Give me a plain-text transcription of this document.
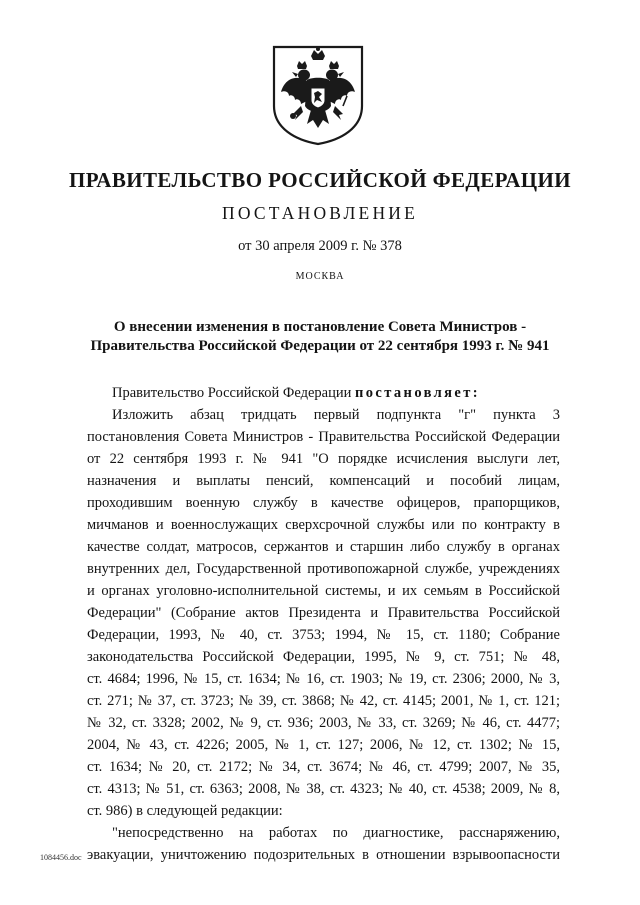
ПРАВИТЕЛЬСТВО РОССИЙСКОЙ ФЕДЕРАЦИИ
ПОСТАНОВЛЕНИЕ
от 30 апреля 2009 г. № 378
МОСКВА
О внесении изменения в постановление Совета Министров -
Правительства Российской Федерации от 22 сентября 1993 г. № 941
Правительство Российской Федерации постановляет:
Изложить абзац тридцать первый подпункта "г" пункта 3
постановления Совета Министров - Правительства Российской Федерации
от 22 сентября 1993 г. № 941 "О порядке исчисления выслуги лет,
назначения и выплаты пенсий, компенсаций и пособий лицам,
проходившим военную службу в качестве офицеров, прапорщиков,
мичманов и военнослужащих сверхсрочной службы или по контракту в
качестве солдат, матросов, сержантов и старшин либо службу в органах
внутренних дел, Государственной противопожарной службе, учреждениях
и органах уголовно-исполнительной системы, и их семьям в Российской
Федерации" (Собрание актов Президента и Правительства Российской
Федерации, 1993, № 40, ст. 3753; 1994, № 15, ст. 1180; Собрание
законодательства Российской Федерации, 1995, № 9, ст. 751; № 48,
ст. 4684; 1996, № 15, ст. 1634; № 16, ст. 1903; № 19, ст. 2306; 2000, № 3,
ст. 271; № 37, ст. 3723; № 39, ст. 3868; № 42, ст. 4145; 2001, № 1, ст. 121;
№ 32, ст. 3328; 2002, № 9, ст. 936; 2003, № 33, ст. 3269; № 46, ст. 4477;
2004, № 43, ст. 4226; 2005, № 1, ст. 127; 2006, № 12, ст. 1302; № 15,
ст. 1634; № 20, ст. 2172; № 34, ст. 3674; № 46, ст. 4799; 2007, № 35,
ст. 4313; № 51, ст. 6363; 2008, № 38, ст. 4323; № 40, ст. 4538; 2009, № 8,
ст. 986) в следующей редакции:
"непосредственно на работах по диагностике, расснаряжению,
эвакуации, уничтожению подозрительных в отношении взрывоопасности
1084456.doc
